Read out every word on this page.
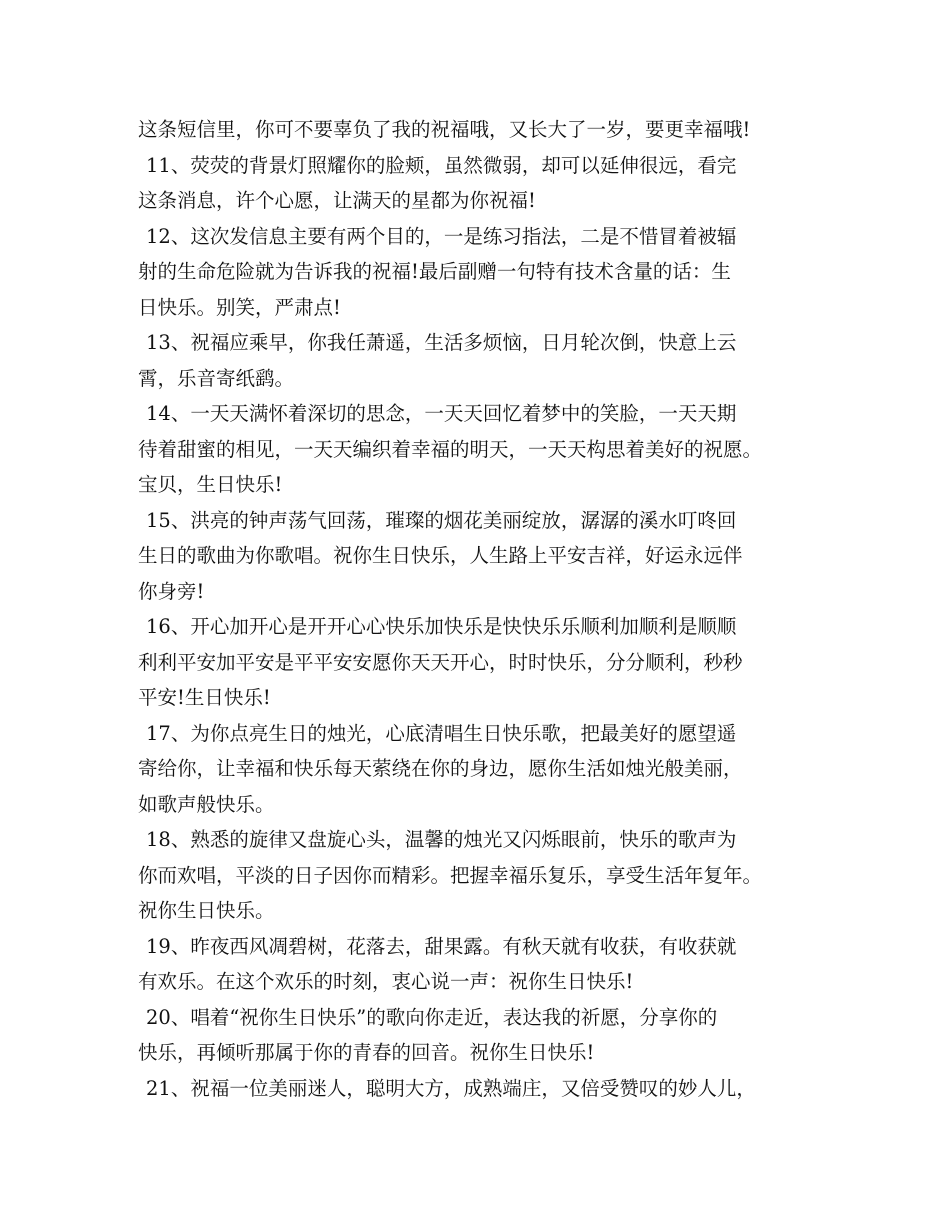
这条短信里，你可不要辜负了我的祝福哦，又长大了一岁，要更幸福哦!
11、荧荧的背景灯照耀你的脸颊，虽然微弱，却可以延伸很远，看完
这条消息，许个心愿，让满天的星都为你祝福!
12、这次发信息主要有两个目的，一是练习指法，二是不惜冒着被辐
射的生命危险就为告诉我的祝福!最后副赠一句特有技术含量的话：生
日快乐。别笑，严肃点!
13、祝福应乘早，你我任萧遥，生活多烦恼，日月轮次倒，快意上云
霄，乐音寄纸鹞。
14、一天天满怀着深切的思念，一天天回忆着梦中的笑脸，一天天期
待着甜蜜的相见，一天天编织着幸福的明天，一天天构思着美好的祝愿。
宝贝，生日快乐!
15、洪亮的钟声荡气回荡，璀璨的烟花美丽绽放，潺潺的溪水叮咚回
生日的歌曲为你歌唱。祝你生日快乐，人生路上平安吉祥，好运永远伴
你身旁!
16、开心加开心是开开心心快乐加快乐是快快乐乐顺利加顺利是顺顺
利利平安加平安是平平安安愿你天天开心，时时快乐，分分顺利，秒秒
平安!生日快乐!
17、为你点亮生日的烛光，心底清唱生日快乐歌，把最美好的愿望遥
寄给你，让幸福和快乐每天萦绕在你的身边，愿你生活如烛光般美丽，
如歌声般快乐。
18、熟悉的旋律又盘旋心头，温馨的烛光又闪烁眼前，快乐的歌声为
你而欢唱，平淡的日子因你而精彩。把握幸福乐复乐，享受生活年复年。
祝你生日快乐。
19、昨夜西风凋碧树，花落去，甜果露。有秋天就有收获，有收获就
有欢乐。在这个欢乐的时刻，衷心说一声：祝你生日快乐!
20、唱着“祝你生日快乐”的歌向你走近，表达我的祈愿，分享你的
快乐，再倾听那属于你的青春的回音。祝你生日快乐!
21、祝福一位美丽迷人，聪明大方，成熟端庄，又倍受赞叹的妙人儿，
